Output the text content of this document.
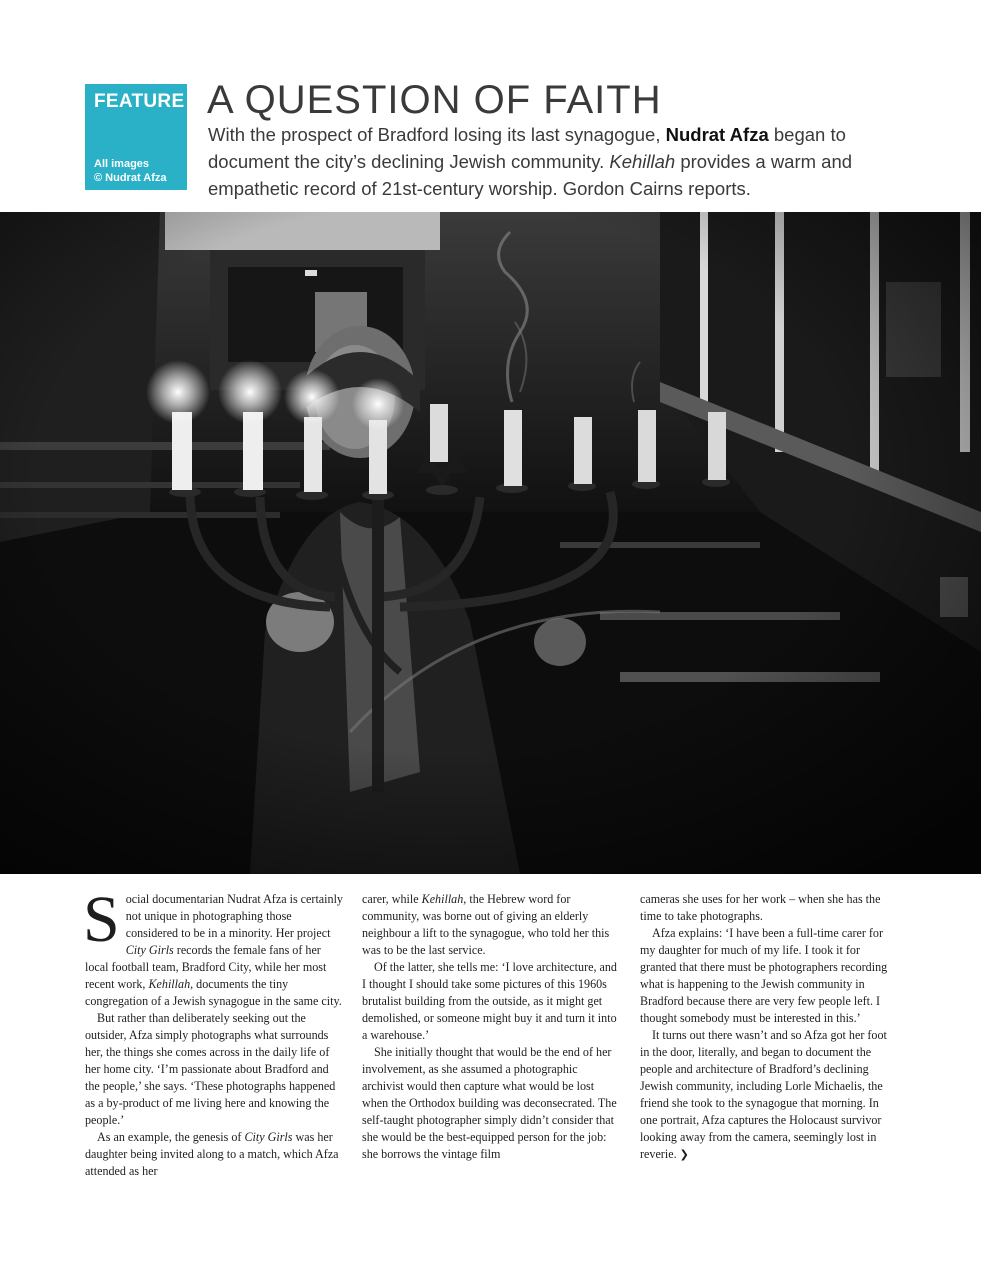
FEATURE
All images
© Nudrat Afza
A QUESTION OF FAITH

With the prospect of Bradford losing its last synagogue, Nudrat Afza began to document the city’s declining Jewish community. Kehillah provides a warm and empathetic record of 21st-century worship. Gordon Cairns reports.

Social documentarian Nudrat Afza is certainly not unique in photographing those considered to be in a minority. Her project City Girls records the female fans of her local football team, Bradford City, while her most recent work, Kehillah, documents the tiny congregation of a Jewish synagogue in the same city.

But rather than deliberately seeking out the outsider, Afza simply photographs what surrounds her, the things she comes across in the daily life of her home city. ‘I’m passionate about Bradford and the people,’ she says. ‘These photographs happened as a by-product of me living here and knowing the people.’

As an example, the genesis of City Girls was her daughter being invited along to a match, which Afza attended as her

carer, while Kehillah, the Hebrew word for community, was borne out of giving an elderly neighbour a lift to the synagogue, who told her this was to be the last service.

Of the latter, she tells me: ‘I love architecture, and I thought I should take some pictures of this 1960s brutalist building from the outside, as it might get demolished, or someone might buy it and turn it into a warehouse.’

She initially thought that would be the end of her involvement, as she assumed a photographic archivist would then capture what would be lost when the Orthodox building was deconsecrated. The self-taught photographer simply didn’t consider that she would be the best-equipped person for the job: she borrows the vintage film

cameras she uses for her work – when she has the time to take photographs.

Afza explains: ‘I have been a full-time carer for my daughter for much of my life. I took it for granted that there must be photographers recording what is happening to the Jewish community in Bradford because there are very few people left. I thought somebody must be interested in this.’

It turns out there wasn’t and so Afza got her foot in the door, literally, and began to document the people and architecture of Bradford’s declining Jewish community, including Lorle Michaelis, the friend she took to the synagogue that morning. In one portrait, Afza captures the Holocaust survivor looking away from the camera, seemingly lost in reverie. ❯
